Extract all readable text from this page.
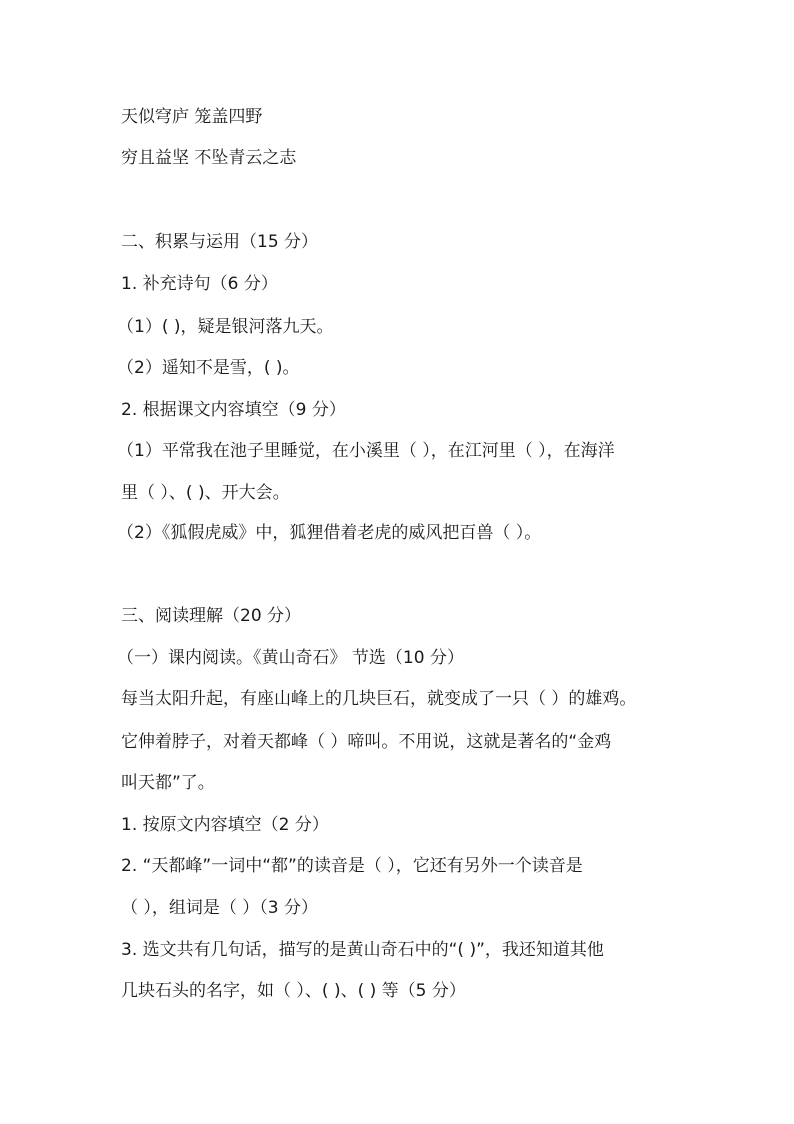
天似穹庐 笼盖四野
穷且益坚 不坠青云之志
二、积累与运用（15 分）
1. 补充诗句（6 分）
（1）( )，疑是银河落九天。
（2）遥知不是雪，( )。
2. 根据课文内容填空（9 分）
（1）平常我在池子里睡觉，在小溪里（ ），在江河里（ ），在海洋
里（ ）、( )、开大会。
（2）《狐假虎威》中，狐狸借着老虎的威风把百兽（ ）。
三、阅读理解（20 分）
（一）课内阅读。《黄山奇石》 节选（10 分）
每当太阳升起，有座山峰上的几块巨石，就变成了一只（ ）的雄鸡。
它伸着脖子，对着天都峰（ ）啼叫。不用说，这就是著名的“金鸡
叫天都”了。
1. 按原文内容填空（2 分）
2. “天都峰”一词中“都”的读音是（ ），它还有另外一个读音是
（ ），组词是（ ）（3 分）
3. 选文共有几句话，描写的是黄山奇石中的“( )”，我还知道其他
几块石头的名字，如（ ）、( )、( ) 等（5 分）
